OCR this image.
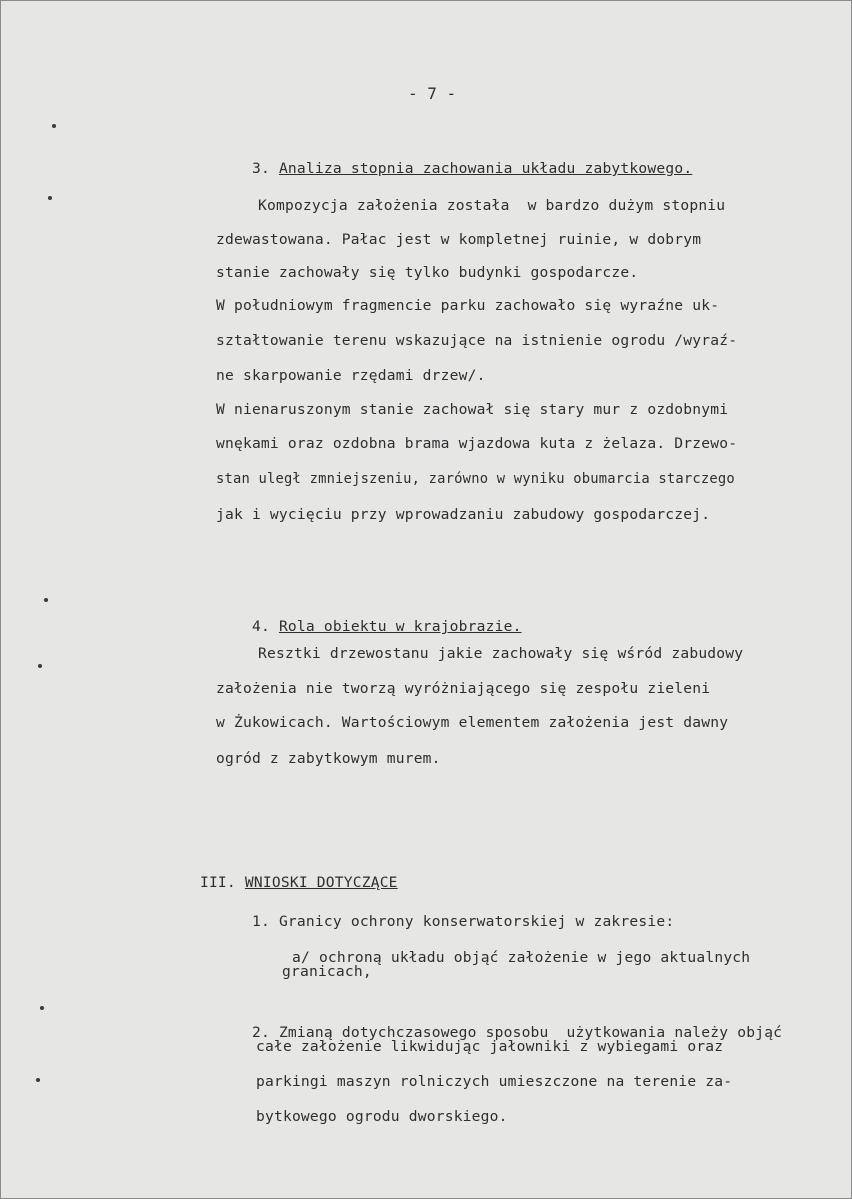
- 7 -

3. Analiza stopnia zachowania układu zabytkowego.

Kompozycja założenia została  w bardzo dużym stopniu
zdewastowana. Pałac jest w kompletnej ruinie, w dobrym
stanie zachowały się tylko budynki gospodarcze.
W południowym fragmencie parku zachowało się wyraźne uk-
ształtowanie terenu wskazujące na istnienie ogrodu /wyraź-
ne skarpowanie rzędami drzew/.
W nienaruszonym stanie zachował się stary mur z ozdobnymi
wnękami oraz ozdobna brama wjazdowa kuta z żelaza. Drzewo-
stan uległ zmniejszeniu, zarówno w wyniku obumarcia starczego
jak i wycięciu przy wprowadzaniu zabudowy gospodarczej.

4. Rola obiektu w krajobrazie.

Resztki drzewostanu jakie zachowały się wśród zabudowy
założenia nie tworzą wyróżniającego się zespołu zieleni
w Żukowicach. Wartościowym elementem założenia jest dawny
ogród z zabytkowym murem.

III. WNIOSKI DOTYCZĄCE

1. Granicy ochrony konserwatorskiej w zakresie:

a/ ochroną układu objąć założenie w jego aktualnych

granicach,

2. Zmianą dotychczasowego sposobu  użytkowania należy objąć

całe założenie likwidując jałowniki z wybiegami oraz
parkingi maszyn rolniczych umieszczone na terenie za-
bytkowego ogrodu dworskiego.
